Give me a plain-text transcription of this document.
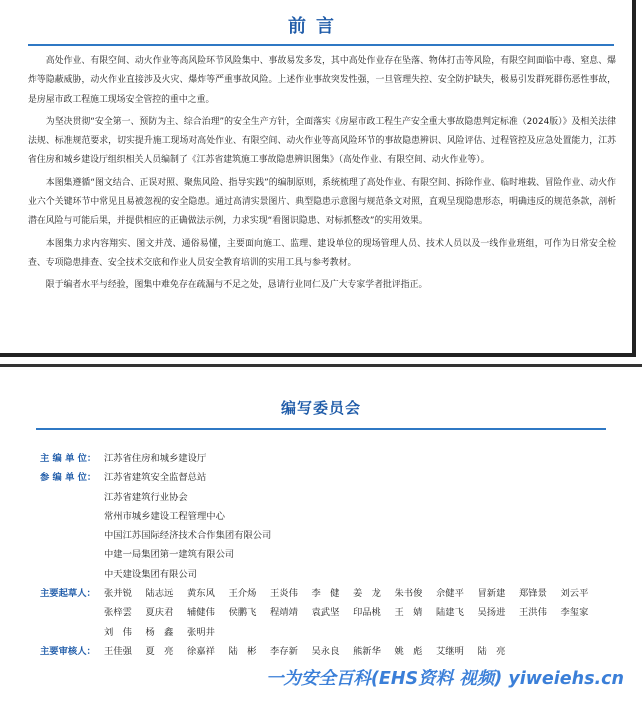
前言

高处作业、有限空间、动火作业等高风险环节风险集中、事故易发多发，其中高处作业存在坠落、物体打击等风险，有限空间面临中毒、窒息、爆炸等隐蔽威胁，动火作业直接涉及火灾、爆炸等严重事故风险。上述作业事故突发性强，一旦管理失控、安全防护缺失，极易引发群死群伤恶性事故，是房屋市政工程施工现场安全管控的重中之重。

为坚决贯彻“安全第一、预防为主、综合治理”的安全生产方针，全面落实《房屋市政工程生产安全重大事故隐患判定标准（2024版）》及相关法律法规、标准规范要求，切实提升施工现场对高处作业、有限空间、动火作业等高风险环节的事故隐患辨识、风险评估、过程管控及应急处置能力，江苏省住房和城乡建设厅组织相关人员编制了《江苏省建筑施工事故隐患辨识图集》（高处作业、有限空间、动火作业等）。

本图集遵循“图文结合、正误对照、聚焦风险、指导实践”的编制原则，系统梳理了高处作业、有限空间、拆除作业、临时堆载、冒险作业、动火作业六个关键环节中常见且易被忽视的安全隐患。通过高清实景图片、典型隐患示意图与规范条文对照，直观呈现隐患形态，明确违反的规范条款，剖析潜在风险与可能后果，并提供相应的正确做法示例，力求实现“看图识隐患、对标抓整改”的实用效果。

本图集力求内容翔实、图文并茂、通俗易懂，主要面向施工、监理、建设单位的现场管理人员、技术人员以及一线作业班组，可作为日常安全检查、专项隐患排查、安全技术交底和作业人员安全教育培训的实用工具与参考教材。

限于编者水平与经验，图集中难免存在疏漏与不足之处，恳请行业同仁及广大专家学者批评指正。

编写委员会
主 编 单 位： 江苏省住房和城乡建设厅
参 编 单 位： 江苏省建筑安全监督总站
江苏省建筑行业协会
常州市城乡建设工程管理中心
中国江苏国际经济技术合作集团有限公司
中建一局集团第一建筑有限公司
中天建设集团有限公司
主要起草人： 张并锐	陆志远	黄东风	王介炀	王炎伟	李　健	姜　龙	朱书俊	佘健平	冒新建	郑锋景	刘云平
张梓雲	夏庆君	辅健伟	侯鹏飞	程靖靖	袁武坚	印品桃	王　婧	陆建飞	吴扬进	王洪伟	李玺家
刘　伟	杨　鑫	张明井
主要审核人： 王佳强	夏　亮	徐嘉祥	陆　彬	李存新	吴永良	熊新华	姚　彪	艾继明	陆　亮
一为安全百科(EHS资料 视频) yiweiehs.cn
